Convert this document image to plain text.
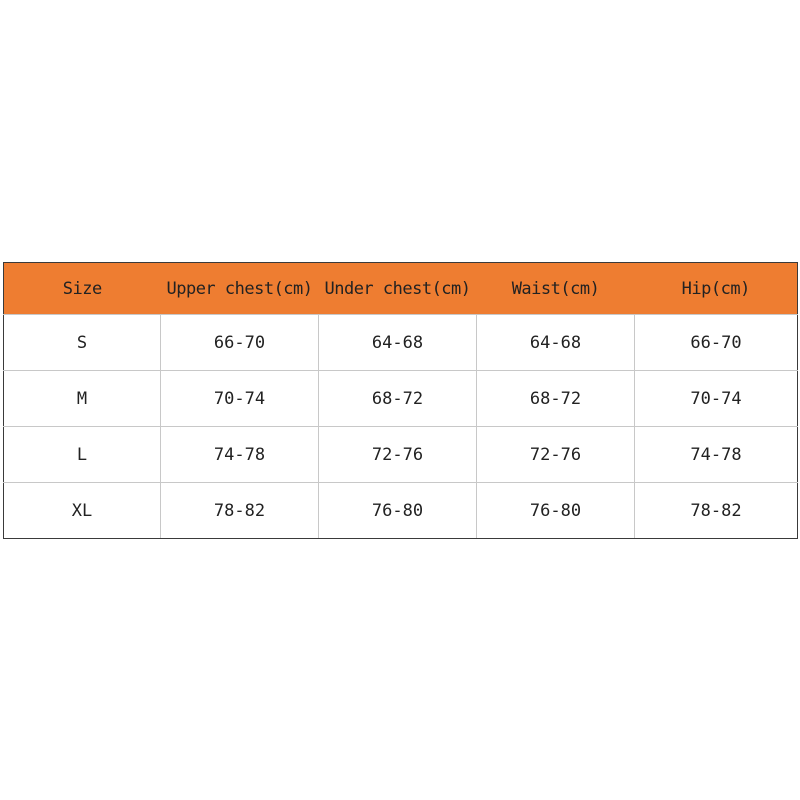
Size	Upper chest(cm)	Under chest(cm)	Waist(cm)	Hip(cm)
S	66-70	64-68	64-68	66-70
M	70-74	68-72	68-72	70-74
L	74-78	72-76	72-76	74-78
XL	78-82	76-80	76-80	78-82
